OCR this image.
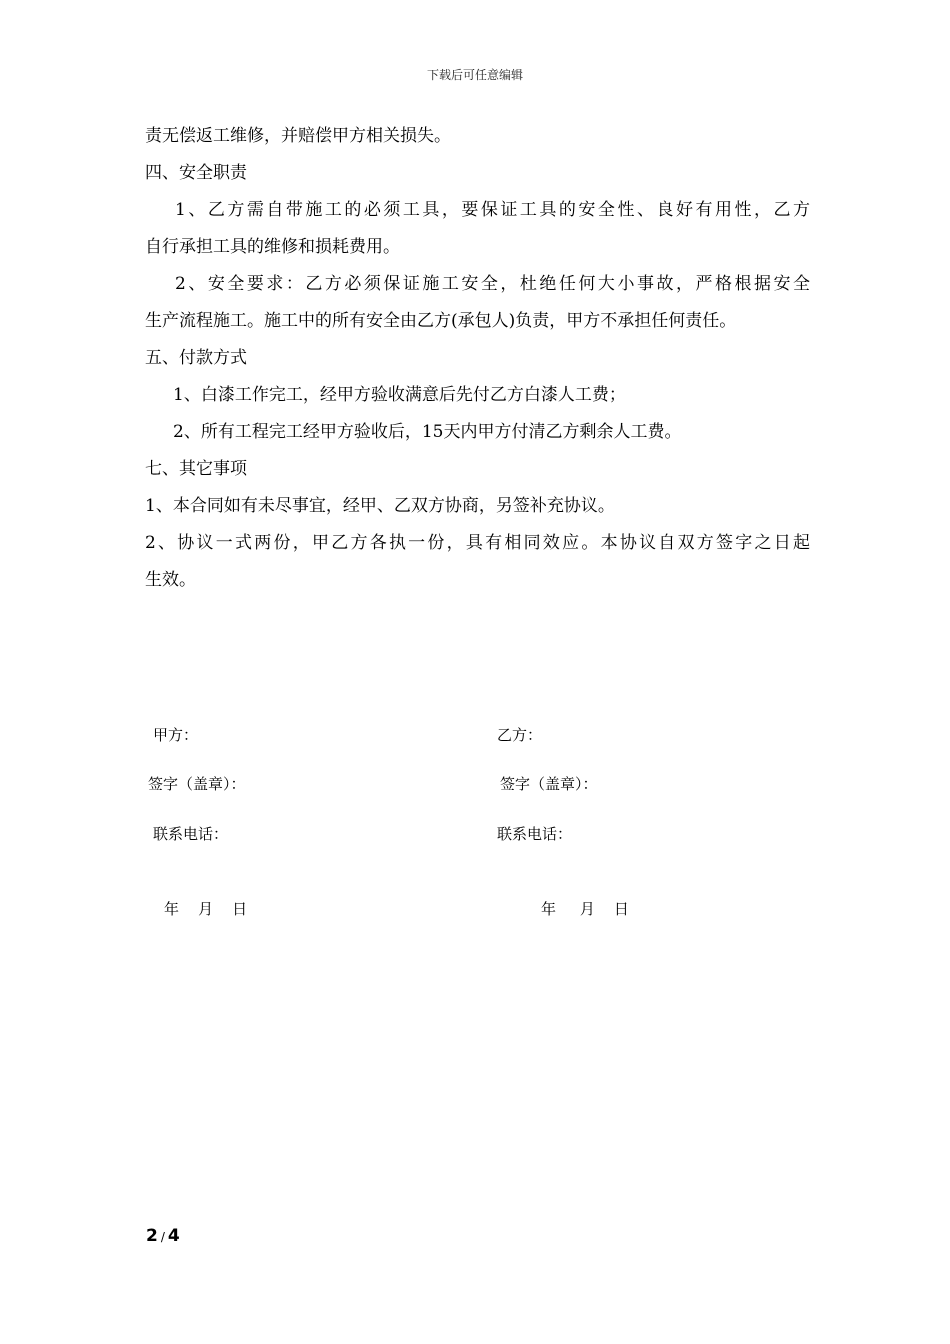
下载后可任意编辑

责无偿返工维修，并赔偿甲方相关损失。

四、安全职责

1、乙方需自带施工的必须工具，要保证工具的安全性、良好有用性，乙方

自行承担工具的维修和损耗费用。

2、安全要求：乙方必须保证施工安全，杜绝任何大小事故，严格根据安全

生产流程施工。施工中的所有安全由乙方(承包人)负责，甲方不承担任何责任。

五、付款方式

1、白漆工作完工，经甲方验收满意后先付乙方白漆人工费；

2、所有工程完工经甲方验收后，15天内甲方付清乙方剩余人工费。

七、其它事项

1、本合同如有未尽事宜，经甲、乙双方协商，另签补充协议。

2、协议一式两份，甲乙方各执一份，具有相同效应。本协议自双方签字之日起

生效。

甲方：
签字（盖章）：
联系电话：
年    月    日
乙方：
签字（盖章）：
联系电话：
年     月    日
2 / 4
